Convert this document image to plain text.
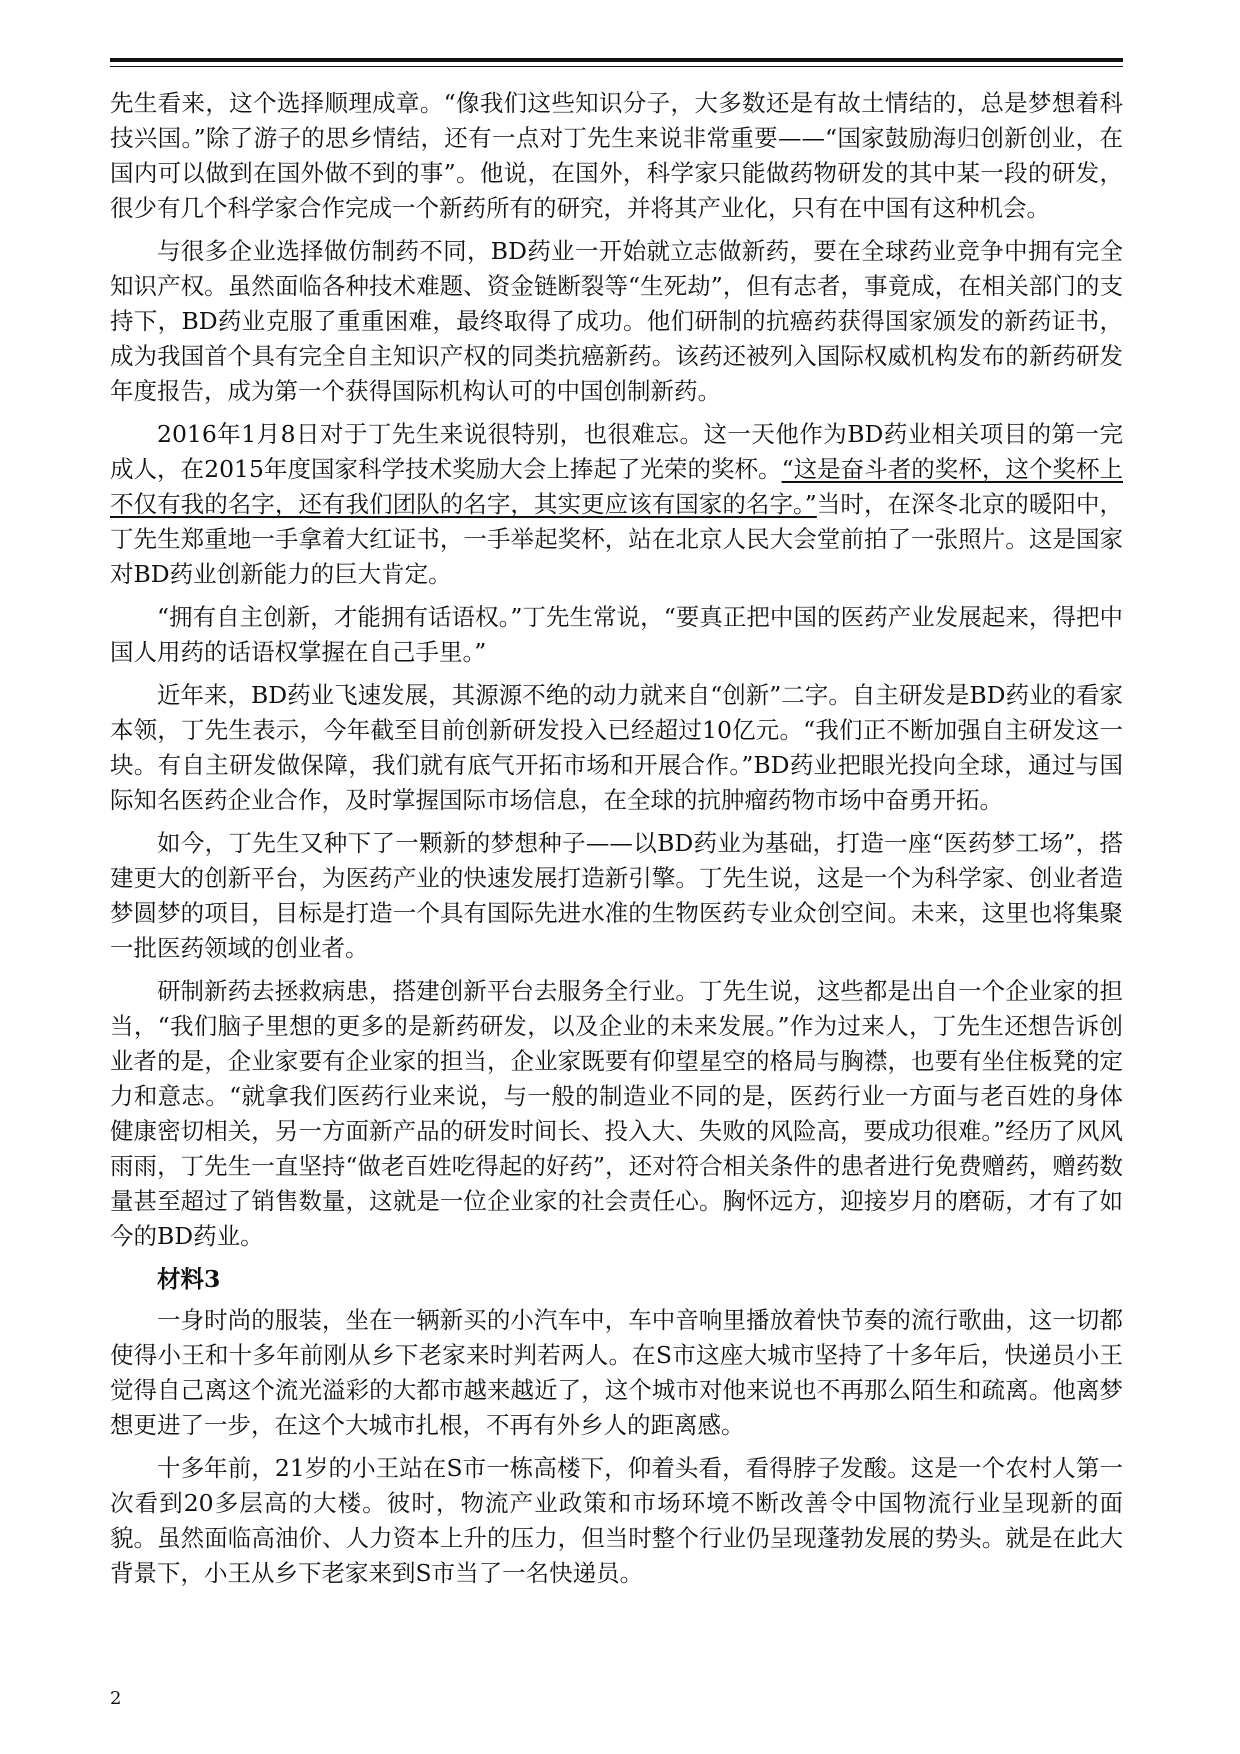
先生看来，这个选择顺理成章。“像我们这些知识分子，大多数还是有故土情结的，总是梦想着科技兴国。”除了游子的思乡情结，还有一点对丁先生来说非常重要——“国家鼓励海归创新创业，在国内可以做到在国外做不到的事”。他说，在国外，科学家只能做药物研发的其中某一段的研发，很少有几个科学家合作完成一个新药所有的研究，并将其产业化，只有在中国有这种机会。

与很多企业选择做仿制药不同，BD药业一开始就立志做新药，要在全球药业竞争中拥有完全知识产权。虽然面临各种技术难题、资金链断裂等“生死劫”，但有志者，事竟成，在相关部门的支持下，BD药业克服了重重困难，最终取得了成功。他们研制的抗癌药获得国家颁发的新药证书，成为我国首个具有完全自主知识产权的同类抗癌新药。该药还被列入国际权威机构发布的新药研发年度报告，成为第一个获得国际机构认可的中国创制新药。

2016年1月8日对于丁先生来说很特别，也很难忘。这一天他作为BD药业相关项目的第一完成人，在2015年度国家科学技术奖励大会上捧起了光荣的奖杯。“这是奋斗者的奖杯，这个奖杯上不仅有我的名字，还有我们团队的名字，其实更应该有国家的名字。”当时，在深冬北京的暖阳中，丁先生郑重地一手拿着大红证书，一手举起奖杯，站在北京人民大会堂前拍了一张照片。这是国家对BD药业创新能力的巨大肯定。

“拥有自主创新，才能拥有话语权。”丁先生常说，“要真正把中国的医药产业发展起来，得把中国人用药的话语权掌握在自己手里。”

近年来，BD药业飞速发展，其源源不绝的动力就来自“创新”二字。自主研发是BD药业的看家本领，丁先生表示，今年截至目前创新研发投入已经超过10亿元。“我们正不断加强自主研发这一块。有自主研发做保障，我们就有底气开拓市场和开展合作。”BD药业把眼光投向全球，通过与国际知名医药企业合作，及时掌握国际市场信息，在全球的抗肿瘤药物市场中奋勇开拓。

如今，丁先生又种下了一颗新的梦想种子——以BD药业为基础，打造一座“医药梦工场”，搭建更大的创新平台，为医药产业的快速发展打造新引擎。丁先生说，这是一个为科学家、创业者造梦圆梦的项目，目标是打造一个具有国际先进水准的生物医药专业众创空间。未来，这里也将集聚一批医药领域的创业者。

研制新药去拯救病患，搭建创新平台去服务全行业。丁先生说，这些都是出自一个企业家的担当，“我们脑子里想的更多的是新药研发，以及企业的未来发展。”作为过来人，丁先生还想告诉创业者的是，企业家要有企业家的担当，企业家既要有仰望星空的格局与胸襟，也要有坐住板凳的定力和意志。“就拿我们医药行业来说，与一般的制造业不同的是，医药行业一方面与老百姓的身体健康密切相关，另一方面新产品的研发时间长、投入大、失败的风险高，要成功很难。”经历了风风雨雨，丁先生一直坚持“做老百姓吃得起的好药”，还对符合相关条件的患者进行免费赠药，赠药数量甚至超过了销售数量，这就是一位企业家的社会责任心。胸怀远方，迎接岁月的磨砺，才有了如今的BD药业。

材料3

一身时尚的服装，坐在一辆新买的小汽车中，车中音响里播放着快节奏的流行歌曲，这一切都使得小王和十多年前刚从乡下老家来时判若两人。在S市这座大城市坚持了十多年后，快递员小王觉得自己离这个流光溢彩的大都市越来越近了，这个城市对他来说也不再那么陌生和疏离。他离梦想更进了一步，在这个大城市扎根，不再有外乡人的距离感。

十多年前，21岁的小王站在S市一栋高楼下，仰着头看，看得脖子发酸。这是一个农村人第一次看到20多层高的大楼。彼时，物流产业政策和市场环境不断改善令中国物流行业呈现新的面貌。虽然面临高油价、人力资本上升的压力，但当时整个行业仍呈现蓬勃发展的势头。就是在此大背景下，小王从乡下老家来到S市当了一名快递员。

2
